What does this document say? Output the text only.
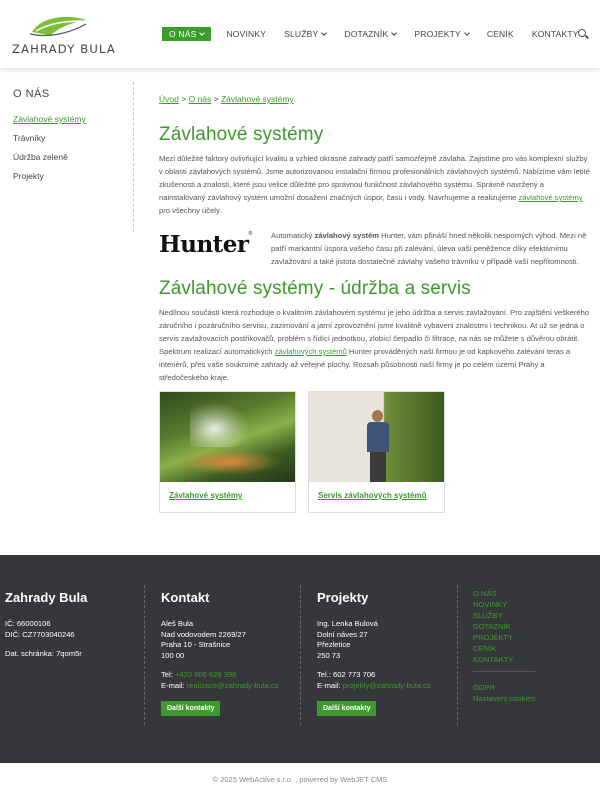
ZAHRADY BULA
O NÁS	NOVINKY SLUŽBY	DOTAZNÍK	PROJEKTY	CENÍK KONTAKTY
O NÁS
Závlahové systémy
Trávníky
Údržba zeleně
Projekty
Úvod > O nás > Závlahové systémy
Závlahové systémy

Mezi důležité faktory ovlivňující kvalitu a vzhled okrasné zahrady patří samozřejmě závlaha. Zajistíme pro vás komplexní služby v oblasti závlahových systémů. Jsme autorizovanou instalační firmou profesionálních závlahových systémů. Nabízíme vám letité zkušenosti a znalosti, které jsou velice důležité pro správnou funkčnost závlahového systému. Správně navržený a nainstalovaný závlahový systém umožní dosažení značných úspor, času i vody. Navrhujeme a realizujeme závlahové systémy pro všechny účely.

Hunter®	Automatický závlahový systém Hunter, vám přináší hned několik nesporných výhod. Mezi ně patří markantní úspora vašeho času při zalévání, úleva vaší peněžence díky efektivnímu zavlažování a také jistota dostatečné závlahy vašeho trávníku v případě vaší nepřítomnosti.

Závlahové systémy - údržba a servis

Nedílnou součástí která rozhoduje o kvalitním závlahovém systému je jeho údržba a servis zavlažování. Pro zajištění veškerého záručního i pozáručního servisu, zazimování a jarní zprovoznění jsme kvalitně vybaveni znalostmi i technikou. At už se jedná o servis zavlažovacích postřikovačů, problém s řídící jednotkou, zlobící čerpadlo či filtrace, na nás se můžete s důvěrou obrátit. Spektrum realizací automatických závlahových systémů Hunter prováděných naší firmou je od kapkového zalévání teras a interiérů, přes vaše soukromé zahrady až veřejné plochy. Rozsah působnosti naší firmy je po celém území Prahy a středočeského kraje.

Závlahové systémy	Servis závlahových systémů
Zahrady Bula
IČ: 66000106
DIČ: CZ7703040246
Dat. schránka: 7qom5r
Kontakt
Aleš Bula
Nad vodovodem 2269/27
Praha 10 - Strašnice
100 00
Tel: +420 606 626 396
E-mail: realizace@zahrady-bula.cz
Další kontakty
Projekty
Ing. Lenka Bulová
Dolní náves 27
Přezletice
250 73
Tel.: 602 773 706
E-mail: projekty@zahrady-bula.cz
Další kontakty
O NÁS
NOVINKY
SLUŽBY
DOTAZNÍK
PROJEKTY
CENÍK
KONTAKTY
GDPR
Nastavení cookies
© 2025 WebActive s.r.o. , powered by WebJET CMS
